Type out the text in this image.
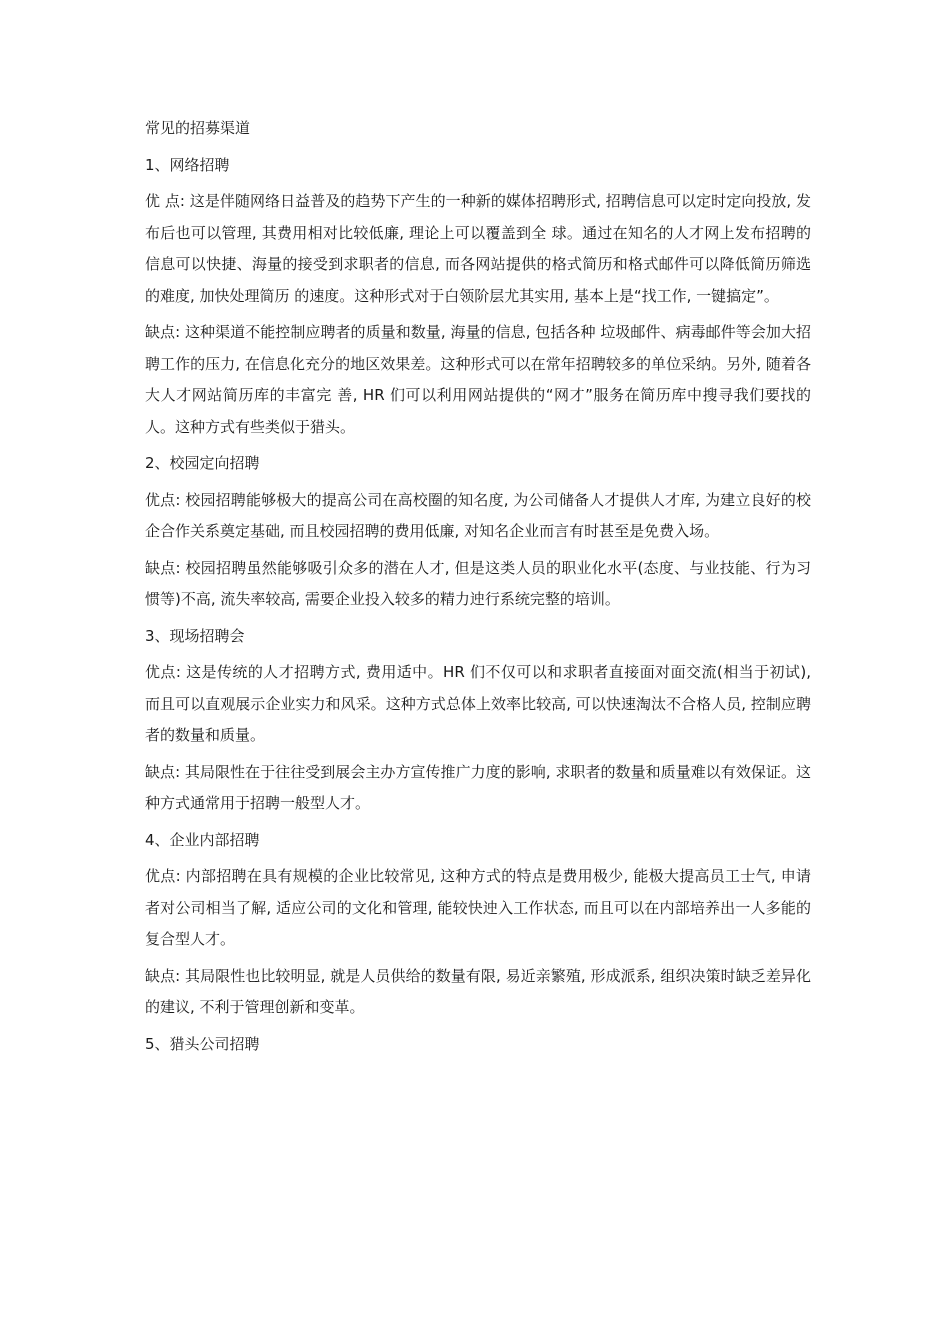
常见的招募渠道
1、网络招聘
优 点: 这是伴随网络日益普及的趋势下产生的一种新的媒体招聘形式, 招聘信息可以定时定向投放, 发布后也可以管理, 其费用相对比较低廉, 理论上可以覆盖到全 球。通过在知名的人才网上发布招聘的信息可以快捷、海量的接受到求职者的信息, 而各网站提供的格式简历和格式邮件可以降低简历筛选的难度, 加快处理简历 的速度。这种形式对于白领阶层尤其实用, 基本上是“找工作, 一键搞定”。
缺点: 这种渠道不能控制应聘者的质量和数量, 海量的信息, 包括各种 垃圾邮件、病毒邮件等会加大招聘工作的压力, 在信息化充分的地区效果差。这种形式可以在常年招聘较多的单位采纳。另外, 随着各大人才网站简历库的丰富完 善, HR 们可以利用网站提供的“网才”服务在简历库中搜寻我们要找的人。这种方式有些类似于猎头。
2、校园定向招聘
优点: 校园招聘能够极大的提高公司在高校圈的知名度, 为公司储备人才提供人才库, 为建立良好的校企合作关系奠定基础, 而且校园招聘的费用低廉, 对知名企业而言有时甚至是免费入场。
缺点: 校园招聘虽然能够吸引众多的潜在人才, 但是这类人员的职业化水平(态度、与业技能、行为习惯等)不高, 流失率较高, 需要企业投入较多的精力迚行系统完整的培训。
3、现场招聘会
优点: 这是传统的人才招聘方式, 费用适中。HR 们不仅可以和求职者直接面对面交流(相当于初试), 而且可以直观展示企业实力和风采。这种方式总体上效率比较高, 可以快速淘汰不合格人员, 控制应聘者的数量和质量。
缺点: 其局限性在于往往受到展会主办方宣传推广力度的影响, 求职者的数量和质量难以有效保证。这种方式通常用于招聘一般型人才。
4、企业内部招聘
优点: 内部招聘在具有规模的企业比较常见, 这种方式的特点是费用极少, 能极大提高员工士气, 申请者对公司相当了解, 适应公司的文化和管理, 能较快迚入工作状态, 而且可以在内部培养出一人多能的复合型人才。
缺点: 其局限性也比较明显, 就是人员供给的数量有限, 易近亲繁殖, 形成派系, 组织决策时缺乏差异化的建议, 不利于管理创新和变革。
5、猎头公司招聘
